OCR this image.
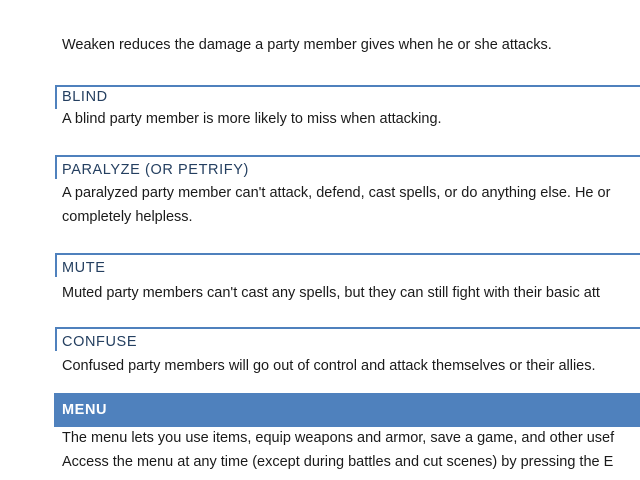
Weaken reduces the damage a party member gives when he or she attacks.
BLIND
A blind party member is more likely to miss when attacking.
PARALYZE (OR PETRIFY)
A paralyzed party member can't attack, defend, cast spells, or do anything else. He or
completely helpless.
MUTE
Muted party members can't cast any spells, but they can still fight with their basic att
CONFUSE
Confused party members will go out of control and attack themselves or their allies.
MENU
The menu lets you use items, equip weapons and armor, save a game, and other usef
Access the menu at any time (except during battles and cut scenes) by pressing the E
